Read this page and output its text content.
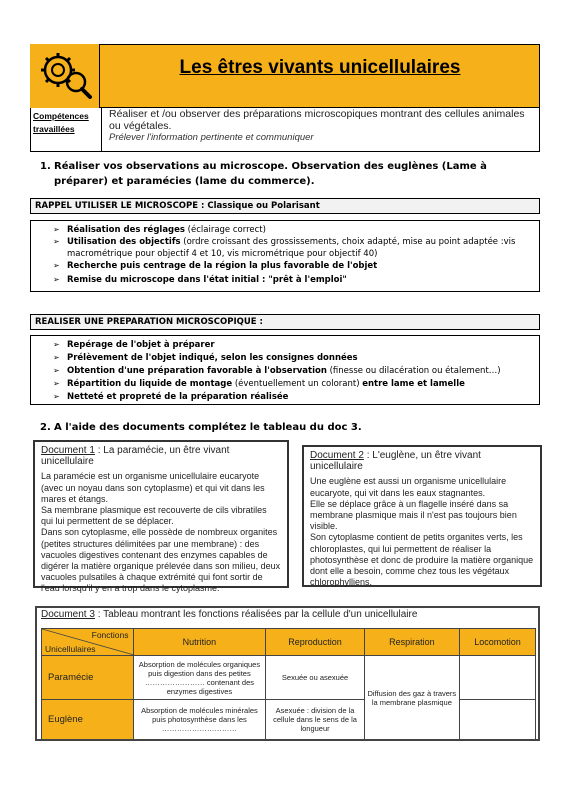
Les êtres vivants unicellulaires
Compétences travaillées
Réaliser et /ou observer des préparations microscopiques montrant des cellules animales ou végétales.
Prélever l'information pertinente et communiquer
1. Réaliser vos observations au microscope. Observation des euglènes (Lame à préparer) et paramécies (lame du commerce).
RAPPEL UTILISER LE MICROSCOPE : Classique ou Polarisant
➢ Réalisation des réglages (éclairage correct)
➢ Utilisation des objectifs (ordre croissant des grossissements, choix adapté, mise au point adaptée :vis macrométrique pour objectif 4 et 10, vis micrométrique pour objectif 40)
➢ Recherche puis centrage de la région la plus favorable de l'objet
➢ Remise du microscope dans l'état initial : "prêt à l'emploi"
REALISER UNE PREPARATION MICROSCOPIQUE :
➢ Repérage de l'objet à préparer
➢ Prélèvement de l'objet indiqué, selon les consignes données
➢ Obtention d'une préparation favorable à l'observation (finesse ou dilacération ou étalement…)
➢ Répartition du liquide de montage (éventuellement un colorant) entre lame et lamelle
➢ Netteté et propreté de la préparation réalisée
2. A l'aide des documents complétez le tableau du doc 3.
Document 1 : La paramécie, un être vivant unicellulaire

La paramécie est un organisme unicellulaire eucaryote (avec un noyau dans son cytoplasme) et qui vit dans les mares et étangs.

Sa membrane plasmique est recouverte de cils vibratiles qui lui permettent de se déplacer.

Dans son cytoplasme, elle possède de nombreux organites (petites structures délimitées par une membrane) : des vacuoles digestives contenant des enzymes capables de digérer la matière organique prélevée dans son milieu, deux vacuoles pulsatiles à chaque extrémité qui font sortir de l'eau lorsqu'il y en a trop dans le cytoplasme.

Document 2 : L'euglène, un être vivant unicellulaire

Une euglène est aussi un organisme unicellulaire eucaryote, qui vit dans les eaux stagnantes.

Elle se déplace grâce à un flagelle inséré dans sa membrane plasmique mais il n'est pas toujours bien visible.

Son cytoplasme contient de petits organites verts, les chloroplastes, qui lui permettent de réaliser la photosynthèse et donc de produire la matière organique dont elle a besoin, comme chez tous les végétaux chlorophylliens.

Document 3 : Tableau montrant les fonctions réalisées par la cellule d'un unicellulaire
Fonctions
Unicellulaires	Nutrition	Reproduction	Respiration	Locomotion
Paramécie	Absorption de molécules organiques puis digestion dans des petites …………………… contenant des enzymes digestives	Sexuée ou asexuée	Diffusion des gaz à travers la membrane plasmique	
Euglène	Absorption de molécules minérales puis photosynthèse dans les …………………………	Asexuée : division de la cellule dans le sens de la longueur		
